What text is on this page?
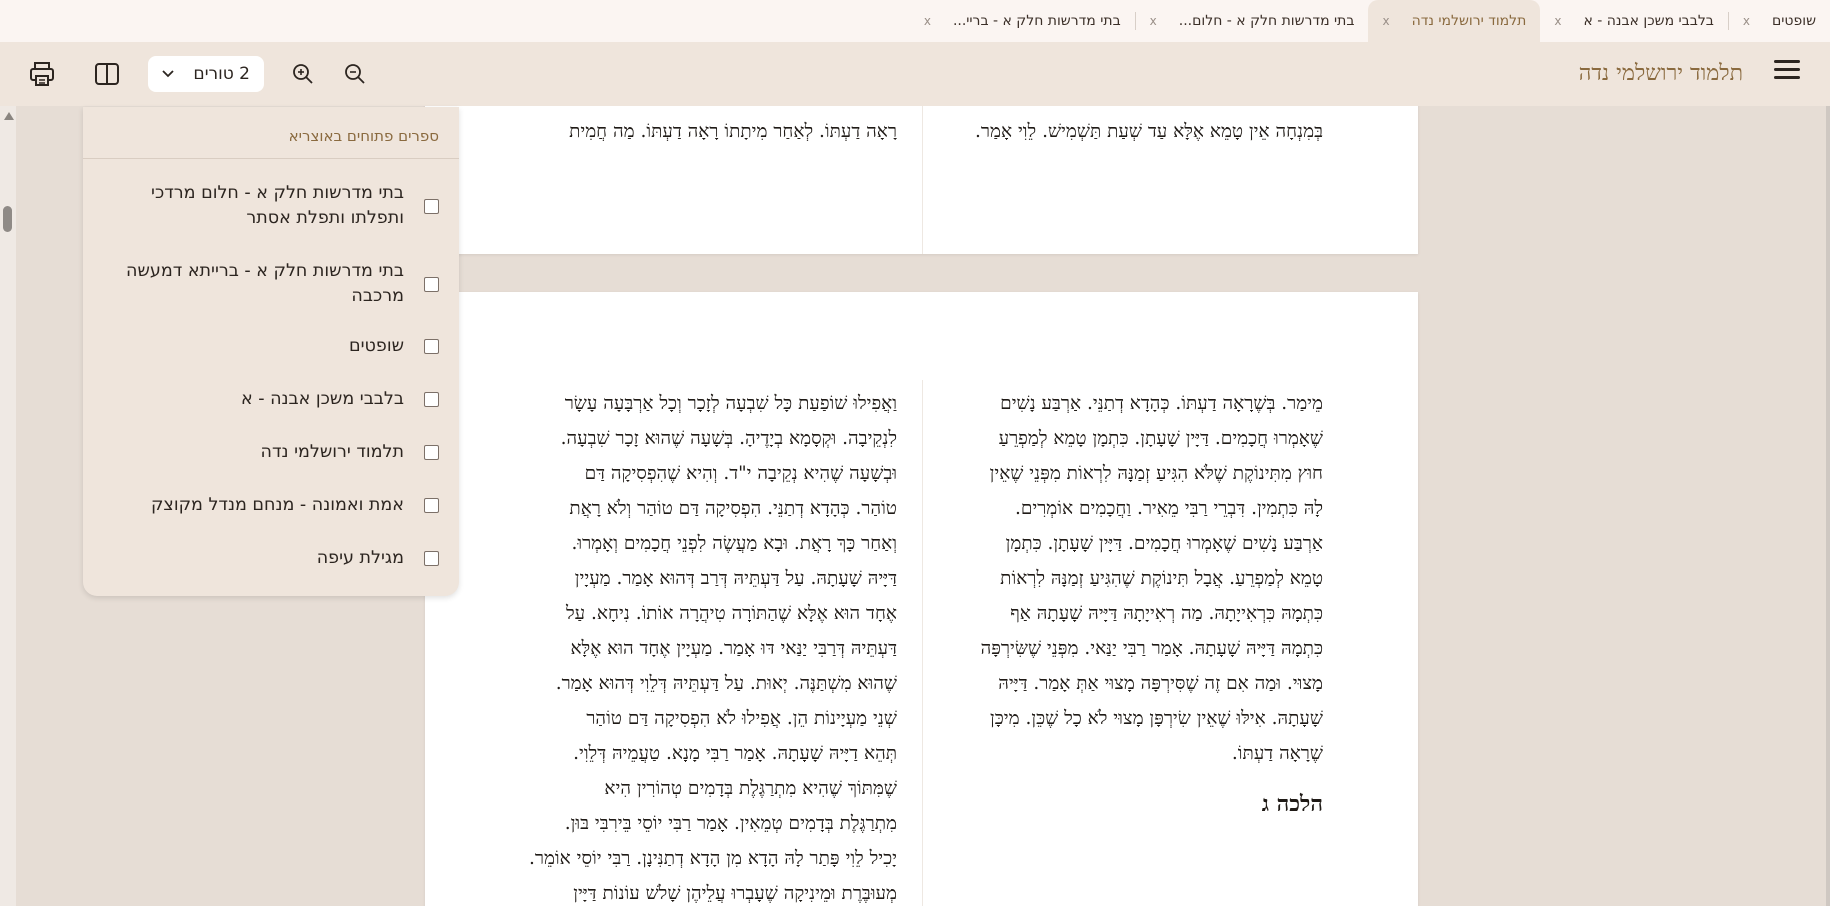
שופטים
x
בלבבי משכן אבנה - א
x
תלמוד ירושלמי נדה
x
בתי מדרשות חלק א - חלום...
x
בתי מדרשות חלק א - בריי...
x
תלמוד ירושלמי נדה
2 טורים
בְּמִנְחָה אֵין טָמֵא אֶלָּא עַד שְׁעַת תַּשְׁמִישׁ. לֵוִי אָמַר.
רָאָה דַעְתּוֹ. לְאַחַר מִיתָתוֹ רָאָה דַעְתּוֹ. מַה חֲמִית
מֵימַר. בְּשֶׁרָאָה דַעְתּוֹ. כְּהָדָא דְתַנֵּי. אַרְבַּע נָשִׁים
שֶׁאָמְרוּ חֲכָמִים. דַּיָּין שָׁעָתָן. כִּתְמָן טָמֵא לְמַפְרֵעַ
חוּץ מִתִּינוֹקֶת שֶׁלֹּא הִגִּיעַ זְמַנָּהּ לִרְאוֹת מִפְּנֵי שֶׁאֵין
לָהּ כִּתְמִין. דִּבְרֵי רַבִּי מֵאִיר. וַחֲכָמִים אוֹמְרִים.
אַרְבַּע נָשִׁים שֶׁאָמְרוּ חֲכָמִים. דַּיָּין שָׁעָתָן. כִּתְמָן
טָמֵא לְמַפְרֵעַ. אֲבָל תִּינוֹקֶת שֶׁהִגִּיעַ זְמַנָּהּ לִרְאוֹת
כִּתְמָהּ כִּרְאִייָתָהּ. מַה רְאִייָתָהּ דַּיָּיהּ שָׁעָתָהּ אַף
כִּתְמָהּ דַּיָּיהּ שָׁעָתָהּ. אָמַר רַבִּי יַנַּאי. מִפְּנֵי שֶׁשִּׂירְפָּה
מָצוּי. וּמַה אִם זֶה שֶׁסִּירְפָּה מָצוּי אַתְּ אָמַר. דַּיָּיהּ
שָׁעָתָהּ. אִילּוּ שֶׁאֵין שִׂירְפָּן מָצוּי לֹא כָל שֶׁכֵּן. מִיכָּן
שֶׁרָאָה דַעְתּוֹ.
הלכה ג
וַאֲפִילוּ שׁוֹפַעַת כָּל שִׁבְעָה לְזָכָר וְכָל אַרְבָּעָה עָשָׂר
לִנְקֵיבָה. וּקְסָמָא בְיָדֶיהָ. בְּשָׁעָה שֶׁהוּא זָכָר שִׁבְעָה.
וּבְשָׁעָה שֶׁהִיא נְקֵיבָה י"ד. וְהִיא שֶׁהִפְסִיקָה דַּם
טוֹהַר. כְּהָדָא דְתַנֵּי. הִפְסִיקָה דַּם טוֹהַר וְלֹא רָאֲת
וְאַחַר כָּךְ רָאֲת. וּבָא מַעֲשֶׂה לִפְנֵי חֲכָמִים וְאָמְרוּ.
דַּיָּיהּ שָׁעָתָהּ. עַל דַּעְתֵּיהּ דְּרַב דְּהוּא אָמַר. מַעְיָין
אֶחָד הוּא אֶלָּא שֶׁהַתּוֹרָה טִיהֲרָה אוֹתוֹ. נִיחָא. עַל
דַּעְתֵּיהּ דְּרַבִּי יַנַּאי דּוּ אָמַר. מַעְיָין אֶחָד הוּא אֶלָּא
שֶׁהוּא מִשְׁתַּנֶּה. יְאוּת. עַל דַּעְתֵּיהּ דְּלֵוִי דְּהוּא אָמַר.
שְׁנֵי מַעְיָינוֹת הֵן. אֲפִילוּ לֹא הִפְסִיקָה דַּם טוֹהַר
תְּהֵא דַיָּיהּ שָׁעָתָהּ. אָמַר רַבִּי מָנָא. טַעֲמֵיהּ דְּלֵוִי.
שֶׁמִּתּוֹךְ שֶׁהִיא מִתְרַגֶּלֶת בְּדָמִים טְהוֹרִין הִיא
מִתְרַגֶּלֶת בְּדָמִים טְמֵאִין. אָמַר רַבִּי יוֹסֵי בֵּירִבִּי בּוּן.
יָכִיל לֵוִי פָּתַר לָהּ הָדָא מִן הָדָא דְתַנִּינָן. רַבִּי יוֹסֵי אוֹמֵר.
מְעוּבֶּרֶת וּמֵינִיקָה שֶׁעָבְרוּ עֲלֵיהֶן שָׁלֹשׁ עוֹנוֹת דַּיָּין
ספרים פתוחים באוצריא
בתי מדרשות חלק א - חלום מרדכי ותפלתו ותפלת אסתר
בתי מדרשות חלק א - ברייתא דמעשה מרכבה
שופטים
בלבבי משכן אבנה - א
תלמוד ירושלמי נדה
אמת ואמונה - מנחם מנדל מקוצק
מגילת עיפה
